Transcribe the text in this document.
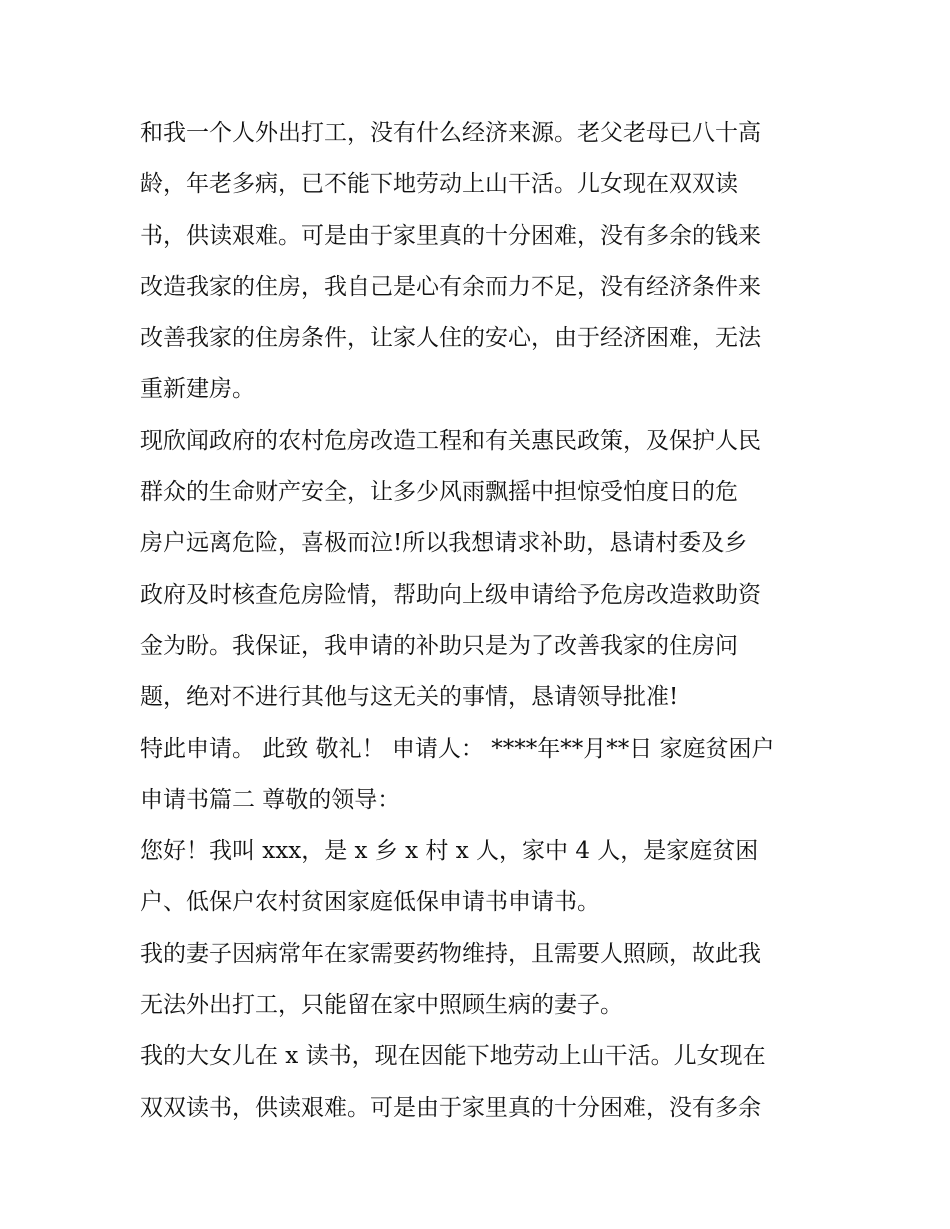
和我一个人外出打工，没有什么经济来源。老父老母已八十高
龄，年老多病，已不能下地劳动上山干活。儿女现在双双读
书，供读艰难。可是由于家里真的十分困难，没有多余的钱来
改造我家的住房，我自己是心有余而力不足，没有经济条件来
改善我家的住房条件，让家人住的安心，由于经济困难，无法
重新建房。
现欣闻政府的农村危房改造工程和有关惠民政策，及保护人民
群众的生命财产安全，让多少风雨飘摇中担惊受怕度日的危
房户远离危险，喜极而泣!所以我想请求补助，恳请村委及乡
政府及时核查危房险情，帮助向上级申请给予危房改造救助资
金为盼。我保证，我申请的补助只是为了改善我家的住房问
题，绝对不进行其他与这无关的事情，恳请领导批准!
特此申请。 此致 敬礼！ 申请人： ****年**月**日 家庭贫困户
申请书篇二 尊敬的领导：
您好！我叫 xxx，是 x 乡 x 村 x 人，家中 4 人，是家庭贫困
户、低保户农村贫困家庭低保申请书申请书。
我的妻子因病常年在家需要药物维持，且需要人照顾，故此我
无法外出打工，只能留在家中照顾生病的妻子。
我的大女儿在 x 读书，现在因能下地劳动上山干活。儿女现在
双双读书，供读艰难。可是由于家里真的十分困难，没有多余
